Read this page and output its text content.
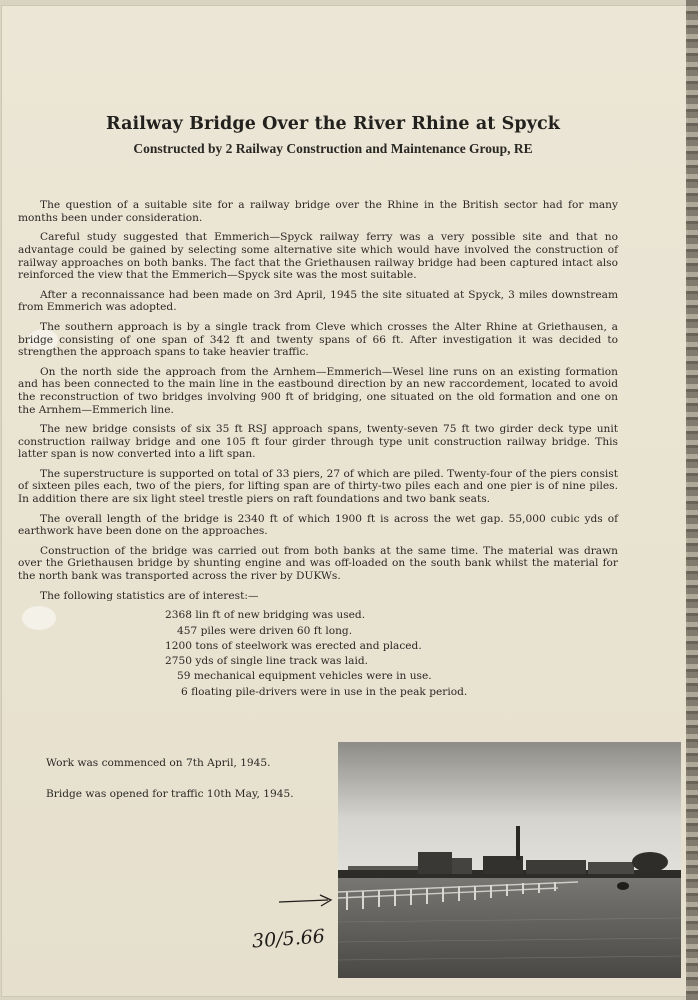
Railway Bridge Over the River Rhine at Spyck
Constructed by 2 Railway Construction and Maintenance Group, RE

The question of a suitable site for a railway bridge over the Rhine in the British sector had for many months been under consideration.

Careful study suggested that Emmerich—Spyck railway ferry was a very possible site and that no advantage could be gained by selecting some alternative site which would have involved the construction of railway approaches on both banks. The fact that the Griethausen railway bridge had been captured intact also reinforced the view that the Emmerich—Spyck site was the most suitable.

After a reconnaissance had been made on 3rd April, 1945 the site situated at Spyck, 3 miles downstream from Emmerich was adopted.

The southern approach is by a single track from Cleve which crosses the Alter Rhine at Griethausen, a bridge consisting of one span of 342 ft and twenty spans of 66 ft. After investigation it was decided to strengthen the approach spans to take heavier traffic.

On the north side the approach from the Arnhem—Emmerich—Wesel line runs on an existing formation and has been connected to the main line in the eastbound direction by an new raccordement, located to avoid the reconstruction of two bridges involving 900 ft of bridging, one situated on the old formation and one on the Arnhem—Emmerich line.

The new bridge consists of six 35 ft RSJ approach spans, twenty-seven 75 ft two girder deck type unit construction railway bridge and one 105 ft four girder through type unit construction railway bridge. This latter span is now converted into a lift span.

The superstructure is supported on total of 33 piers, 27 of which are piled. Twenty-four of the piers consist of sixteen piles each, two of the piers, for lifting span are of thirty-two piles each and one pier is of nine piles. In addition there are six light steel trestle piers on raft foundations and two bank seats.

The overall length of the bridge is 2340 ft of which 1900 ft is across the wet gap. 55,000 cubic yds of earthwork have been done on the approaches.

Construction of the bridge was carried out from both banks at the same time. The material was drawn over the Griethausen bridge by shunting engine and was off-loaded on the south bank whilst the material for the north bank was transported across the river by DUKWs.

The following statistics are of interest:—

2368 lin ft of new bridging was used.
457 piles were driven 60 ft long.
1200 tons of steelwork was erected and placed.
2750 yds of single line track was laid.
59 mechanical equipment vehicles were in use.
6 floating pile-drivers were in use in the peak period.

Work was commenced on 7th April, 1945.

Bridge was opened for traffic 10th May, 1945.

30/5.66
